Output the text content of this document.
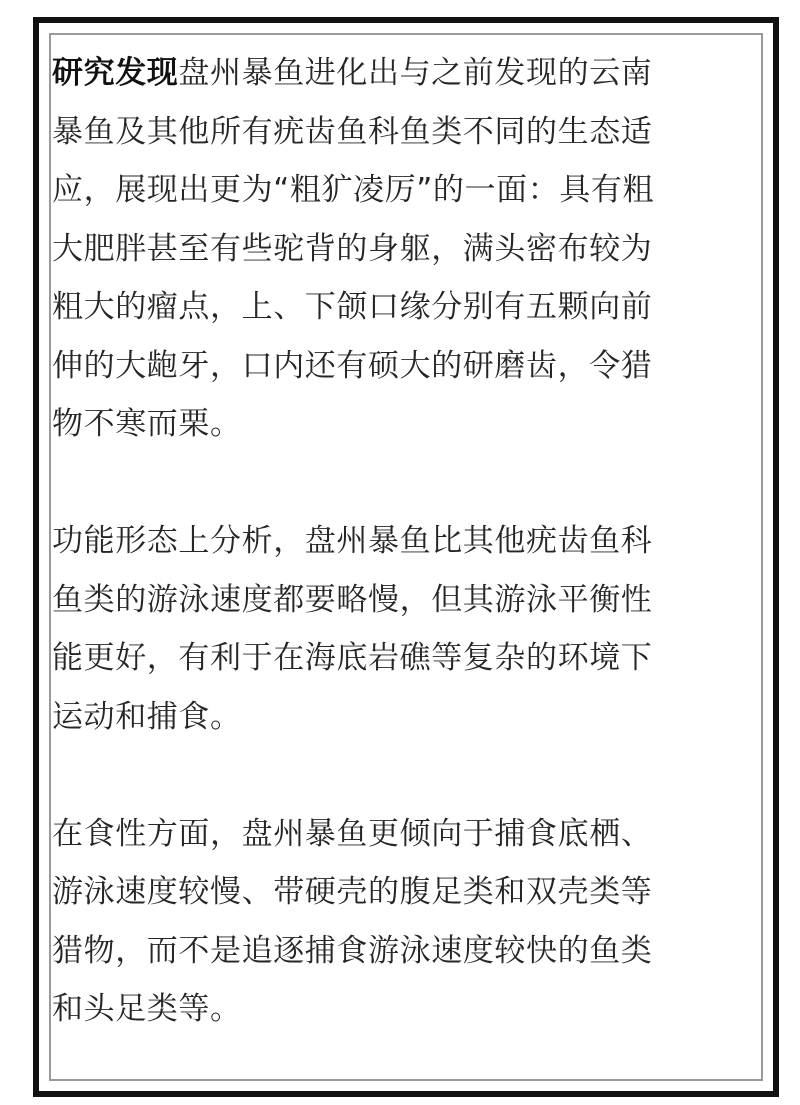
研究发现盘州暴鱼进化出与之前发现的云南暴鱼及其他所有疣齿鱼科鱼类不同的生态适应，展现出更为“粗犷凌厉”的一面：具有粗大肥胖甚至有些驼背的身躯，满头密布较为粗大的瘤点，上、下颌口缘分别有五颗向前伸的大龅牙，口内还有硕大的研磨齿，令猎物不寒而栗。

功能形态上分析，盘州暴鱼比其他疣齿鱼科鱼类的游泳速度都要略慢，但其游泳平衡性能更好，有利于在海底岩礁等复杂的环境下运动和捕食。

在食性方面，盘州暴鱼更倾向于捕食底栖、游泳速度较慢、带硬壳的腹足类和双壳类等猎物，而不是追逐捕食游泳速度较快的鱼类和头足类等。
